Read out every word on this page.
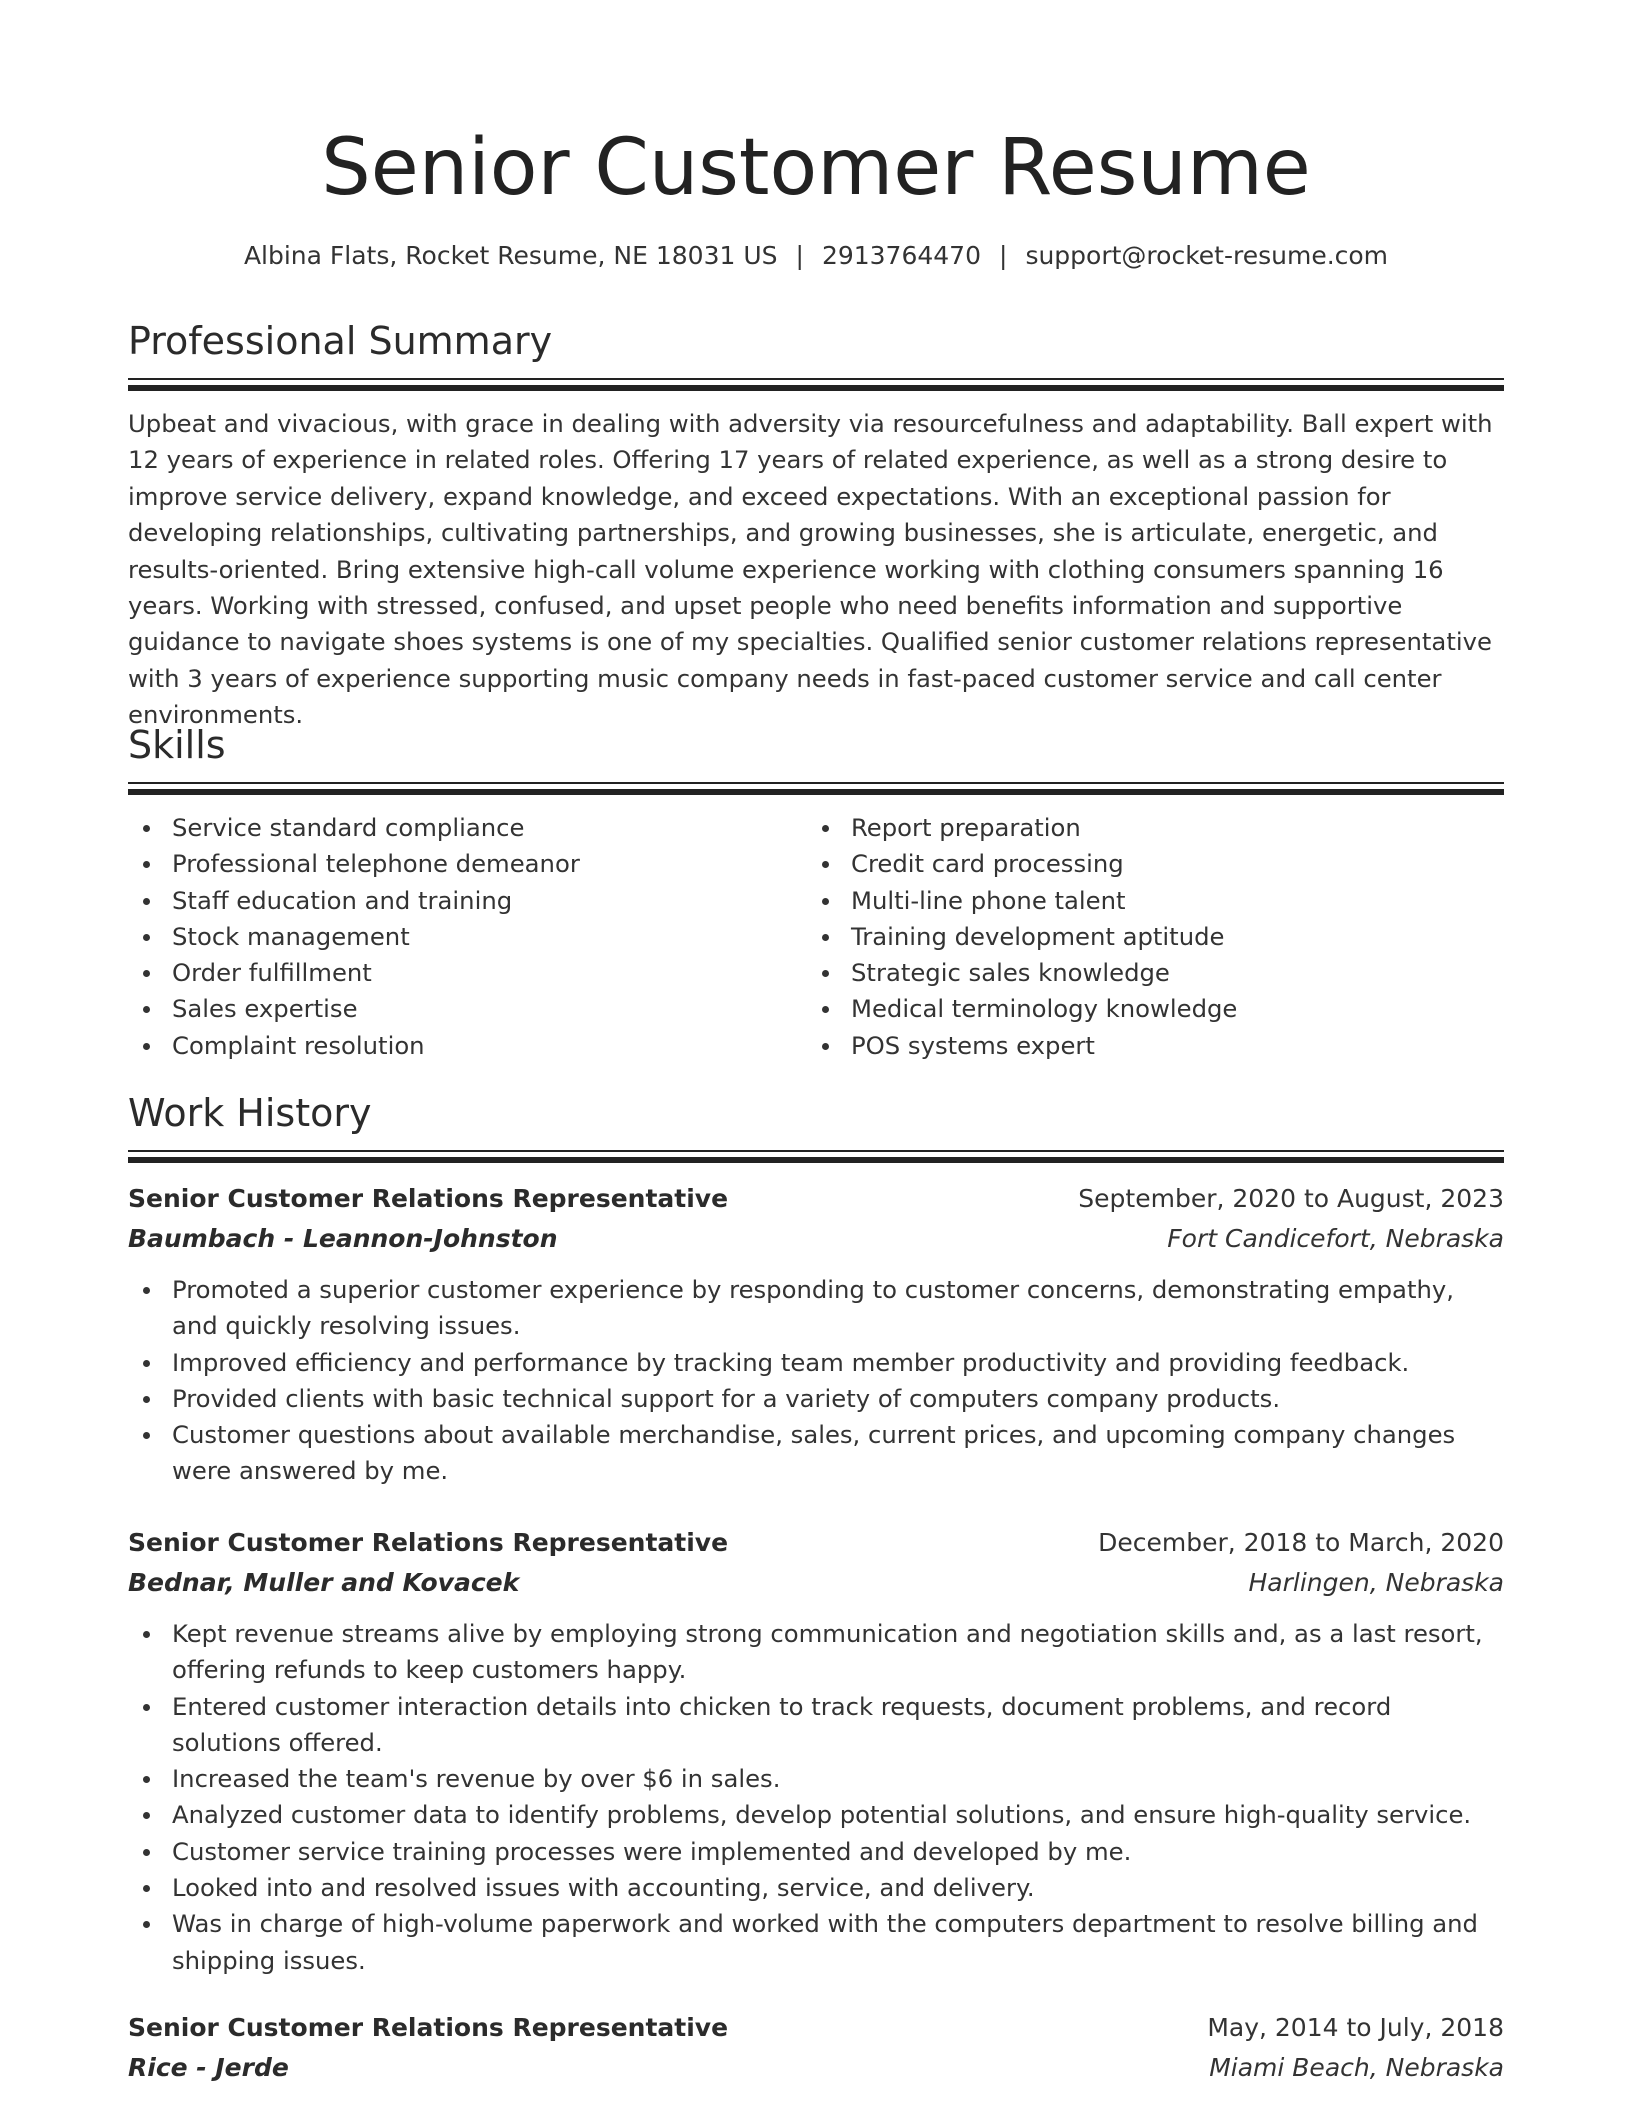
Senior Customer Resume
Albina Flats, Rocket Resume, NE 18031 US | 2913764470 | support@rocket-resume.com
Professional Summary
Upbeat and vivacious, with grace in dealing with adversity via resourcefulness and adaptability. Ball expert with 12 years of experience in related roles. Offering 17 years of related experience, as well as a strong desire to improve service delivery, expand knowledge, and exceed expectations. With an exceptional passion for developing relationships, cultivating partnerships, and growing businesses, she is articulate, energetic, and results-oriented. Bring extensive high-call volume experience working with clothing consumers spanning 16 years. Working with stressed, confused, and upset people who need benefits information and supportive guidance to navigate shoes systems is one of my specialties. Qualified senior customer relations representative with 3 years of experience supporting music company needs in fast-paced customer service and call center environments.
Skills
Service standard compliance
Professional telephone demeanor
Staff education and training
Stock management
Order fulfillment
Sales expertise
Complaint resolution
Report preparation
Credit card processing
Multi-line phone talent
Training development aptitude
Strategic sales knowledge
Medical terminology knowledge
POS systems expert
Work History
Senior Customer Relations Representative	September, 2020 to August, 2023
Baumbach - Leannon-Johnston	Fort Candicefort, Nebraska
Promoted a superior customer experience by responding to customer concerns, demonstrating empathy, and quickly resolving issues.
Improved efficiency and performance by tracking team member productivity and providing feedback.
Provided clients with basic technical support for a variety of computers company products.
Customer questions about available merchandise, sales, current prices, and upcoming company changes were answered by me.
Senior Customer Relations Representative	December, 2018 to March, 2020
Bednar, Muller and Kovacek	Harlingen, Nebraska
Kept revenue streams alive by employing strong communication and negotiation skills and, as a last resort, offering refunds to keep customers happy.
Entered customer interaction details into chicken to track requests, document problems, and record solutions offered.
Increased the team's revenue by over $6 in sales.
Analyzed customer data to identify problems, develop potential solutions, and ensure high-quality service.
Customer service training processes were implemented and developed by me.
Looked into and resolved issues with accounting, service, and delivery.
Was in charge of high-volume paperwork and worked with the computers department to resolve billing and shipping issues.
Senior Customer Relations Representative	May, 2014 to July, 2018
Rice - Jerde	Miami Beach, Nebraska
